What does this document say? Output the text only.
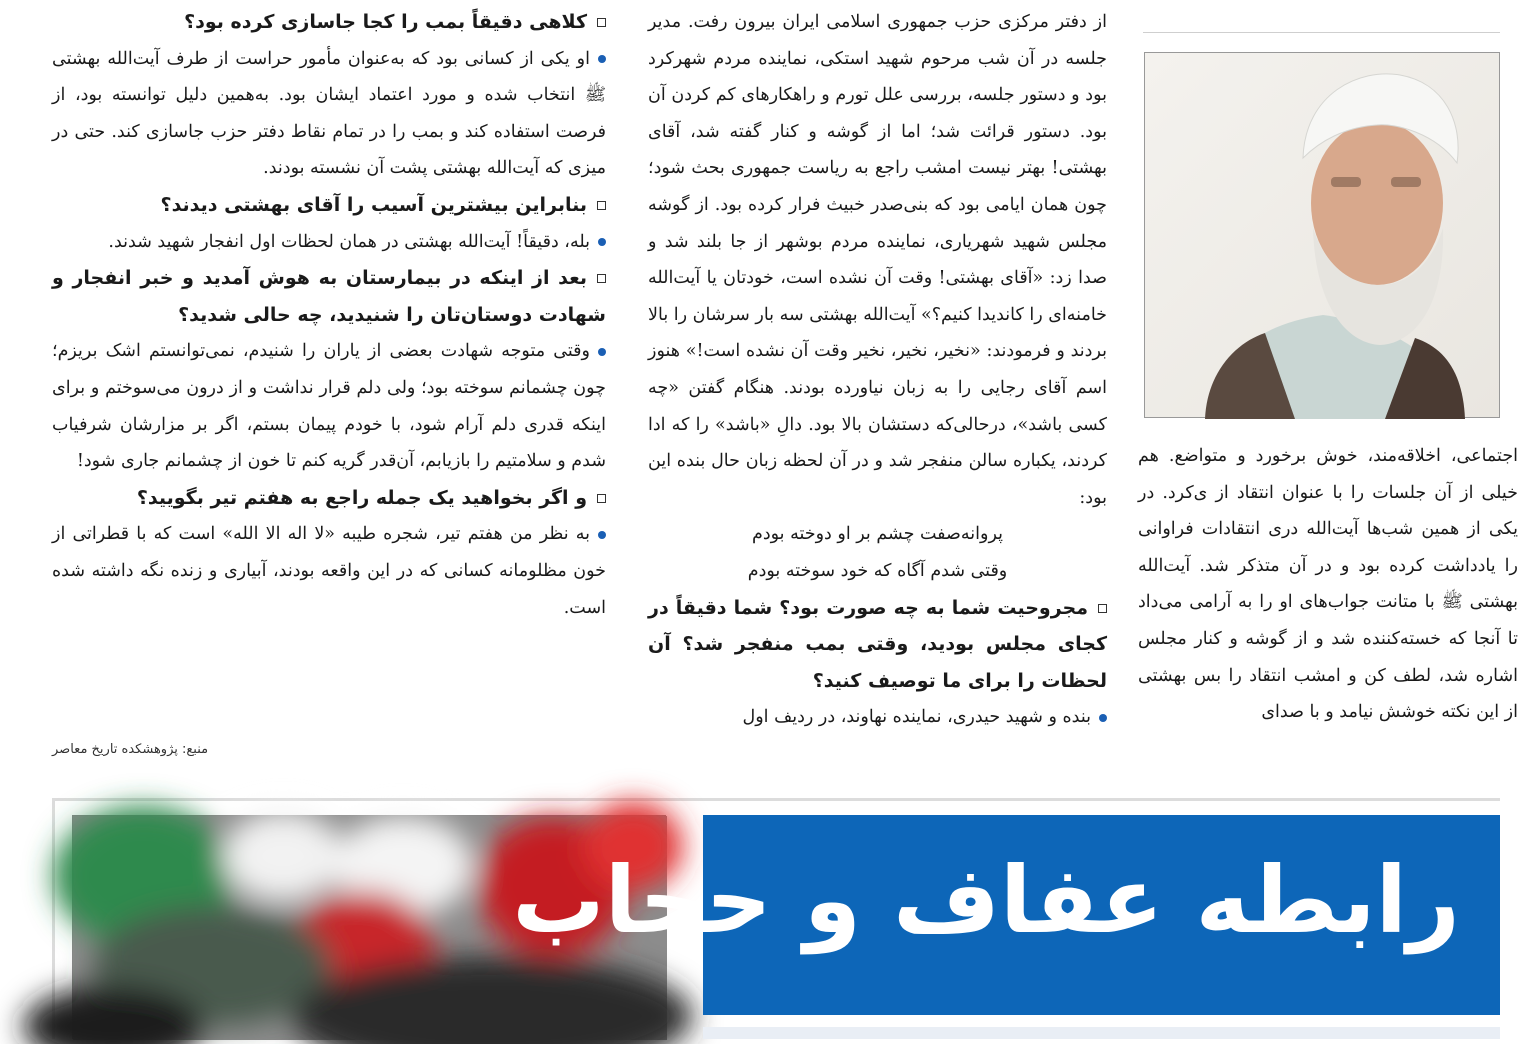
کلاهی دقیقاً بمب را کجا جاسازی کرده بود؟

او یکی از کسانی بود که به‌عنوان مأمور حراست از طرف آیت‌الله بهشتی ﷺ انتخاب شده و مورد اعتماد ایشان بود. به‌همین دلیل توانسته بود، از فرصت استفاده کند و بمب را در تمام نقاط دفتر حزب جاسازی کند. حتی در میزی که آیت‌الله بهشتی پشت آن نشسته بودند.

بنابراین بیشترین آسیب را آقای بهشتی دیدند؟

بله، دقیقاً! آیت‌الله بهشتی در همان لحظات اول انفجار شهید شدند.

بعد از اینکه در بیمارستان به هوش آمدید و خبر انفجار و شهادت دوستان‌تان را شنیدید، چه حالی شدید؟

وقتی متوجه شهادت بعضی از یاران را شنیدم، نمی‌توانستم اشک بریزم؛ چون چشمانم سوخته بود؛ ولی دلم قرار نداشت و از درون می‌سوختم و برای اینکه قدری دلم آرام شود، با خودم پیمان بستم، اگر بر مزارشان شرفیاب شدم و سلامتیم را بازیابم، آن‌قدر گریه کنم تا خون از چشمانم جاری شود!

و اگر بخواهید یک جمله راجع به هفتم تیر بگویید؟

به نظر من هفتم تیر، شجره طیبه «لا اله الا الله» است که با قطراتی از خون مظلومانه کسانی که در این واقعه بودند، آبیاری و زنده نگه داشته شده است.

منبع: پژوهشکده تاریخ معاصر

از دفتر مرکزی حزب جمهوری اسلامی ایران بیرون رفت. مدیر جلسه در آن شب مرحوم شهید استکی، نماینده مردم شهرکرد بود و دستور جلسه، بررسی علل تورم و راهکارهای کم کردن آن بود. دستور قرائت شد؛ اما از گوشه و کنار گفته شد، آقای بهشتی! بهتر نیست امشب راجع به ریاست جمهوری بحث شود؛ چون همان ایامی بود که بنی‌صدر خبیث فرار کرده بود. از گوشه مجلس شهید شهریاری، نماینده مردم بوشهر از جا بلند شد و صدا زد: «آقای بهشتی! وقت آن نشده است، خودتان یا آیت‌الله خامنه‌ای را کاندیدا کنیم؟» آیت‌الله بهشتی سه بار سرشان را بالا بردند و فرمودند: «نخیر، نخیر، نخیر وقت آن نشده است!» هنوز اسم آقای رجایی را به زبان نیاورده بودند. هنگام گفتن «چه کسی باشد»، درحالی‌که دستشان بالا بود. دالِ «باشد» را که ادا کردند، یکباره سالن منفجر شد و در آن لحظه زبان حال بنده این بود:

پروانه‌صفت چشم بر او دوخته بودم

وقتی شدم آگاه که خود سوخته بودم

مجروحیت شما به چه صورت بود؟ شما دقیقاً در کجای مجلس بودید، وقتی بمب منفجر شد؟ آن لحظات را برای ما توصیف کنید؟

بنده و شهید حیدری، نماینده نهاوند، در ردیف اول

اجتماعی، اخلاقه‌مند، خوش برخورد و متواضع. هم خیلی از آن جلسات را با عنوان انتقاد از ی‌کرد. در یکی از همین شب‌ها آیت‌الله دری انتقادات فراوانی را یادداشت کرده بود و در آن متذکر شد. آیت‌الله بهشتی ﷺ با متانت جواب‌های او را به آرامی می‌داد تا آنجا که خسته‌کننده شد و از گوشه و کنار مجلس اشاره شد، لطف کن و امشب انتقاد را بس بهشتی از این نکته خوشش نیامد و با صدای

رابطه عفاف و حجاب
